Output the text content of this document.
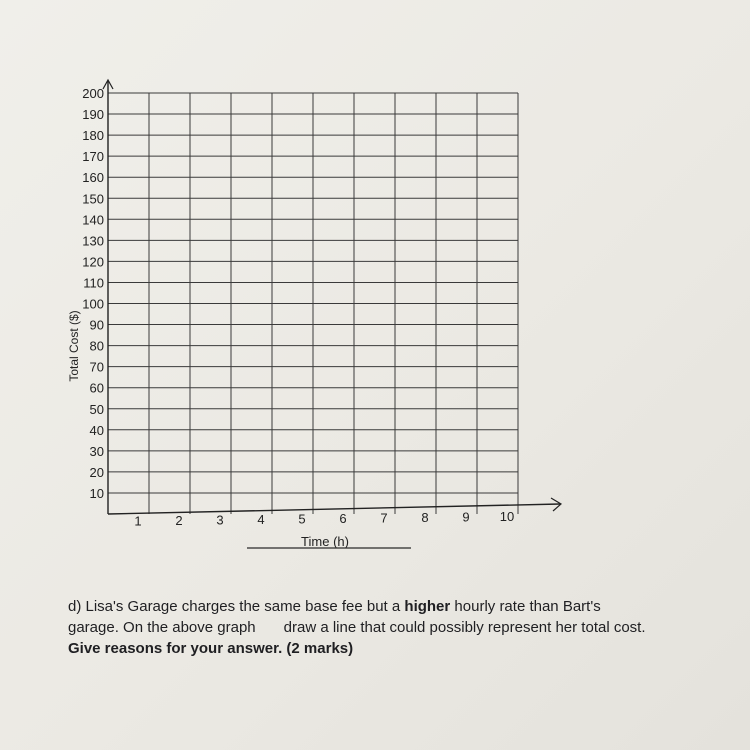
10
20
30
40
50
60
70
80
90
100
110
120
130
140
150
160
170
180
190
200
1	2	3	4	5	6	7	8	9 10
Total Cost ($)
Time (h)

d) Lisa's Garage charges the same base fee but a higher hourly rate than Bart's

garage. On the above graph draw a line that could possibly represent her total cost.

Give reasons for your answer. (2 marks)
